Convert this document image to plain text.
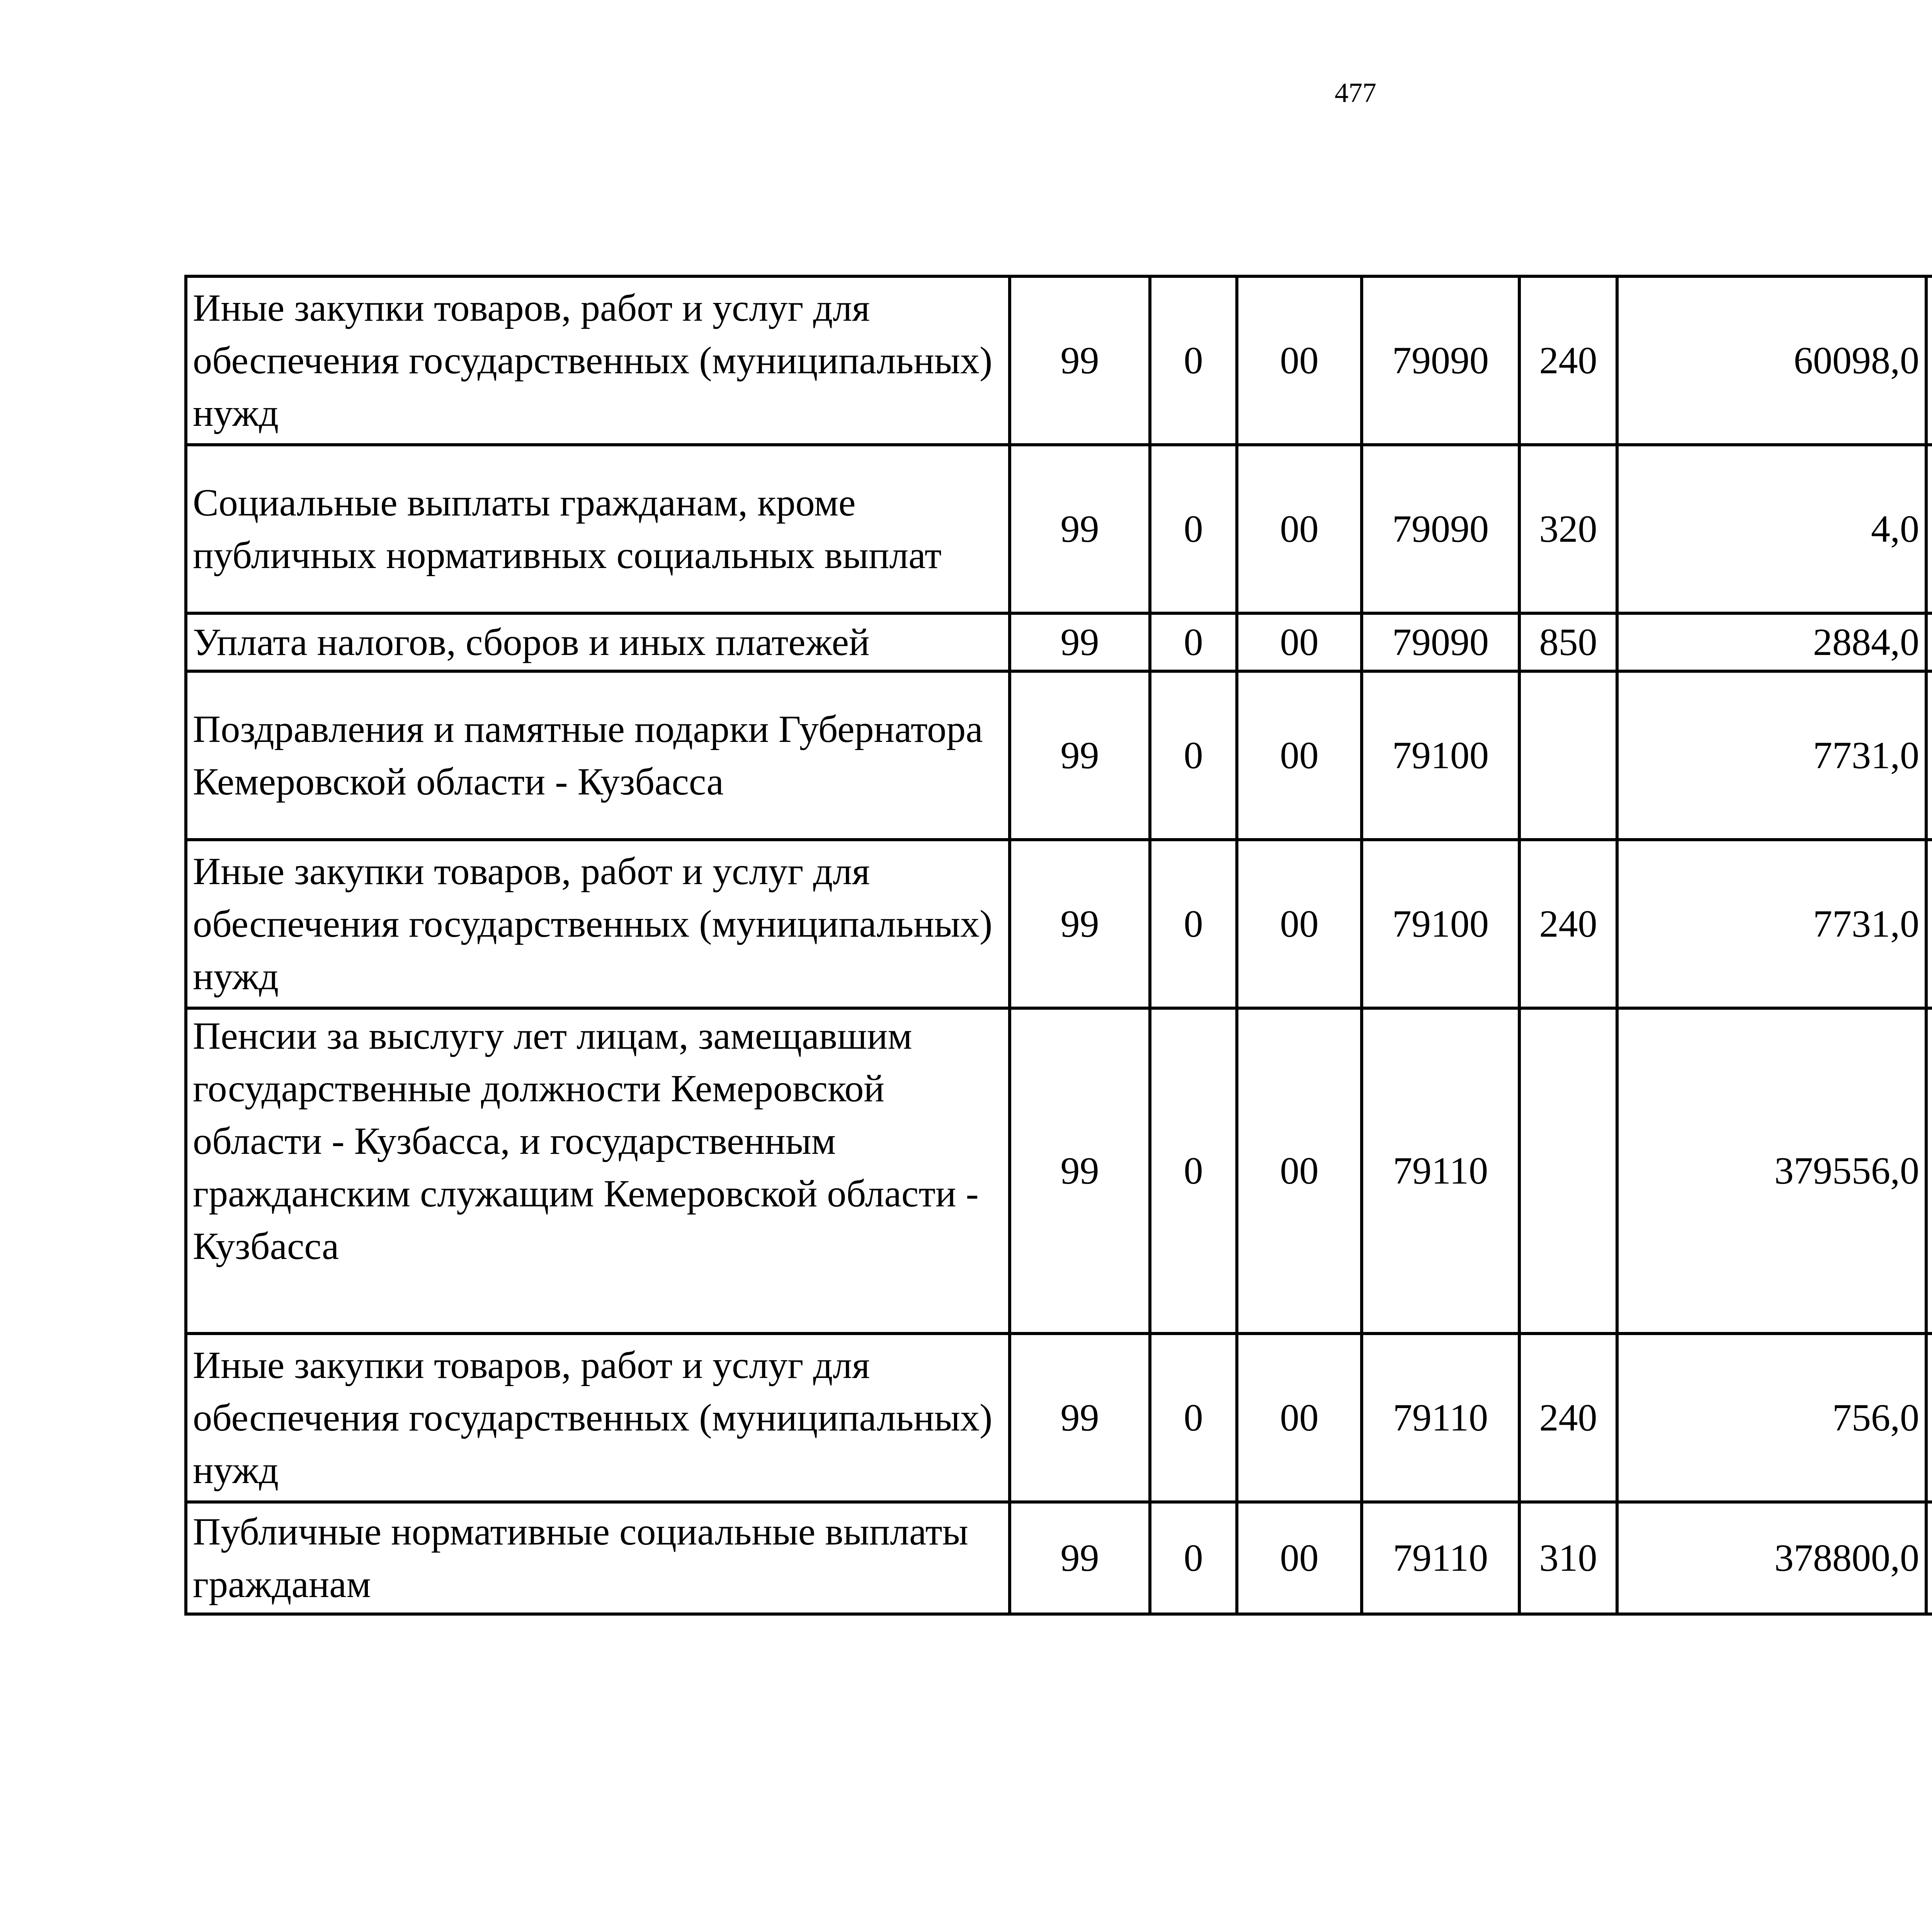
477
Иные закупки товаров, работ и услуг для обеспечения государственных (муниципальных) нужд	99	0	00	79090	240	60098,0		
Социальные выплаты гражданам, кроме публичных нормативных социальных выплат	99	0	00	79090	320	4,0		
Уплата налогов, сборов и иных платежей	99	0	00	79090	850	2884,0		
Поздравления и памятные подарки Губернатора Кемеровской области - Кузбасса	99	0	00	79100		7731,0		
Иные закупки товаров, работ и услуг для обеспечения государственных (муниципальных) нужд	99	0	00	79100	240	7731,0		
Пенсии за выслугу лет лицам, замещавшим государственные должности Кемеровской области - Кузбасса, и государственным гражданским служащим Кемеровской области - Кузбасса	99	0	00	79110		379556,0		
Иные закупки товаров, работ и услуг для обеспечения государственных (муниципальных) нужд	99	0	00	79110	240	756,0		
Публичные нормативные социальные выплаты гражданам	99	0	00	79110	310	378800,0		
